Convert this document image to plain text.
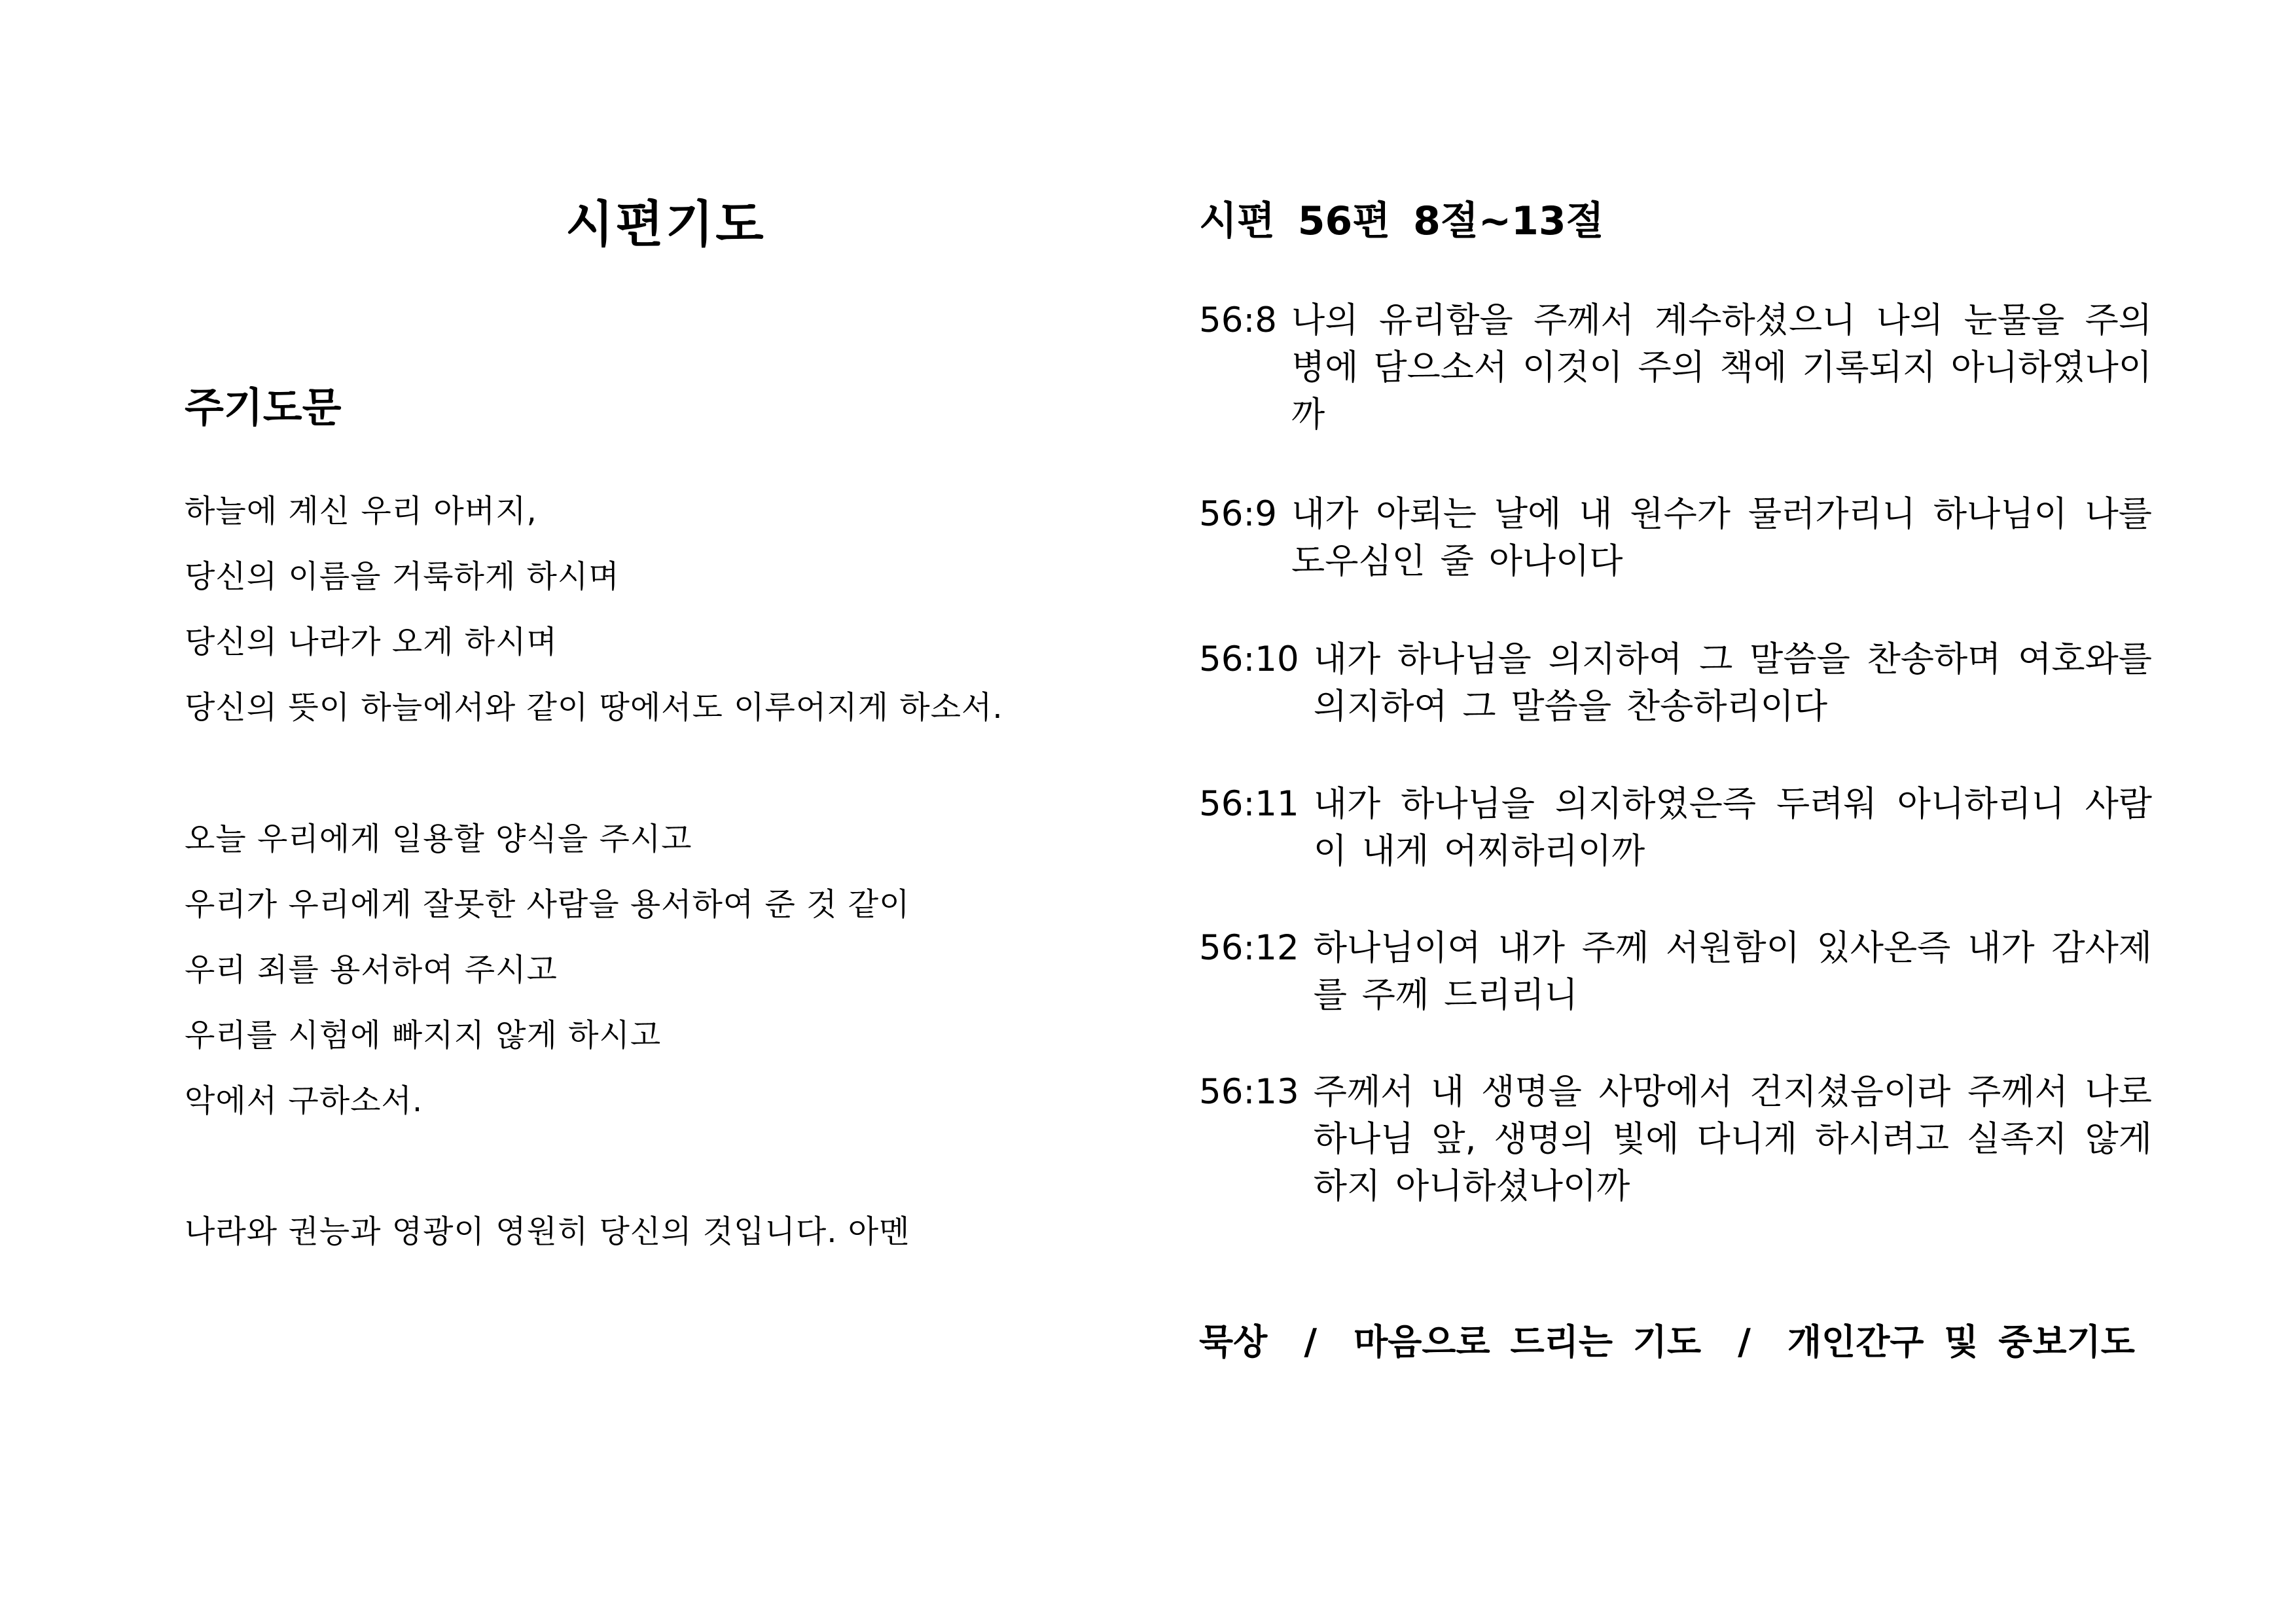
시편기도
주기도문
하늘에 계신 우리 아버지,
당신의 이름을 거룩하게 하시며
당신의 나라가 오게 하시며
당신의 뜻이 하늘에서와 같이 땅에서도 이루어지게 하소서.
오늘 우리에게 일용할 양식을 주시고
우리가 우리에게 잘못한 사람을 용서하여 준 것 같이
우리 죄를 용서하여 주시고
우리를 시험에 빠지지 않게 하시고
악에서 구하소서.
나라와 권능과 영광이 영원히 당신의 것입니다. 아멘
시편 56편 8절~13절
56:8 나의 유리함을 주께서 계수하셨으니 나의 눈물을 주의 병에 담으소서 이것이 주의 책에 기록되지 아니하였나이까
56:9 내가 아뢰는 날에 내 원수가 물러가리니 하나님이 나를 도우심인 줄 아나이다
56:10 내가 하나님을 의지하여 그 말씀을 찬송하며 여호와를 의지하여 그 말씀을 찬송하리이다
56:11 내가 하나님을 의지하였은즉 두려워 아니하리니 사람이 내게 어찌하리이까
56:12 하나님이여 내가 주께 서원함이 있사온즉 내가 감사제를 주께 드리리니
56:13 주께서 내 생명을 사망에서 건지셨음이라 주께서 나로 하나님 앞, 생명의 빛에 다니게 하시려고 실족지 않게 하지 아니하셨나이까
묵상 / 마음으로 드리는 기도 / 개인간구 및 중보기도
